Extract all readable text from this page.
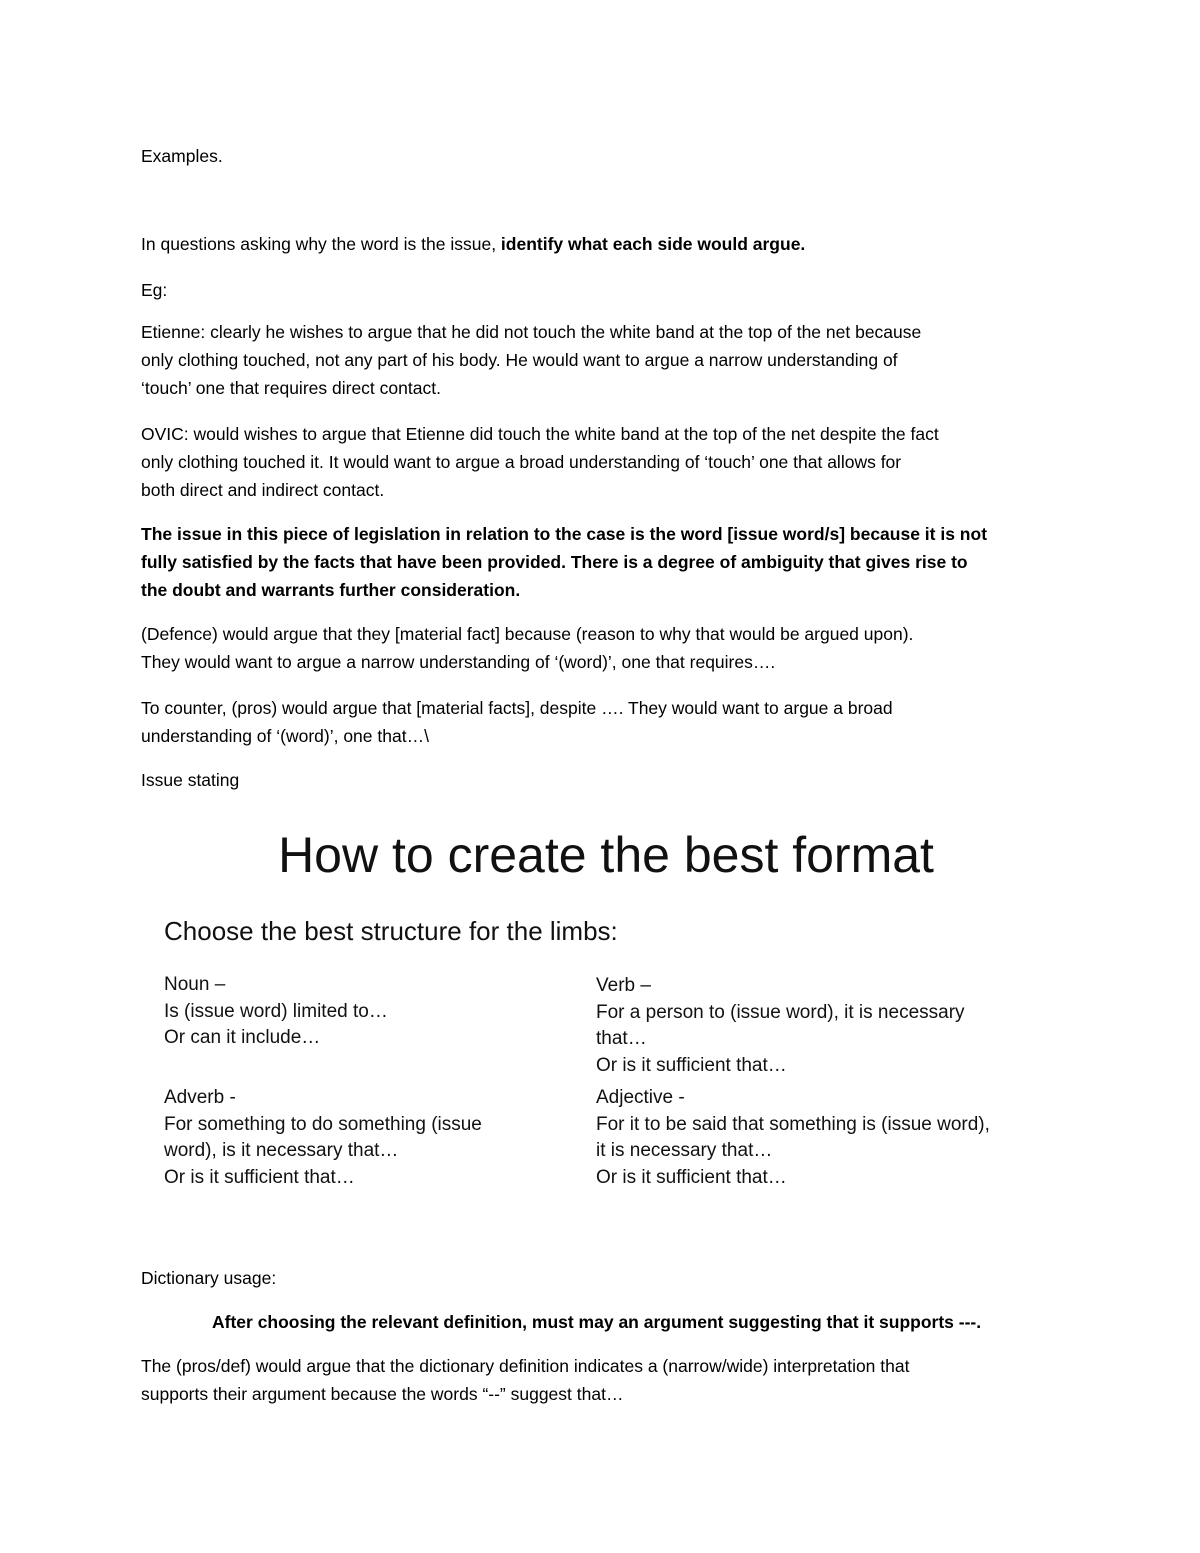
Examples.

In questions asking why the word is the issue, identify what each side would argue.

Eg:

Etienne: clearly he wishes to argue that he did not touch the white band at the top of the net because
only clothing touched, not any part of his body. He would want to argue a narrow understanding of
‘touch’ one that requires direct contact.
OVIC: would wishes to argue that Etienne did touch the white band at the top of the net despite the fact
only clothing touched it. It would want to argue a broad understanding of ‘touch’ one that allows for
both direct and indirect contact.
The issue in this piece of legislation in relation to the case is the word [issue word/s] because it is not
fully satisfied by the facts that have been provided. There is a degree of ambiguity that gives rise to
the doubt and warrants further consideration.
(Defence) would argue that they [material fact] because (reason to why that would be argued upon).
They would want to argue a narrow understanding of ‘(word)’, one that requires….
To counter, (pros) would argue that [material facts], despite …. They would want to argue a broad
understanding of ‘(word)’, one that…\

Issue stating

How to create the best format
Choose the best structure for the limbs:
Noun –
Is (issue word) limited to…
Or can it include…
Verb –
For a person to (issue word), it is necessary that…
Or is it sufficient that…
Adverb -
For something to do something (issue
word), is it necessary that…
Or is it sufficient that…
Adjective -
For it to be said that something is (issue word),
it is necessary that…
Or is it sufficient that…

Dictionary usage:

After choosing the relevant definition, must may an argument suggesting that it supports ---.

The (pros/def) would argue that the dictionary definition indicates a (narrow/wide) interpretation that
supports their argument because the words “--” suggest that…
